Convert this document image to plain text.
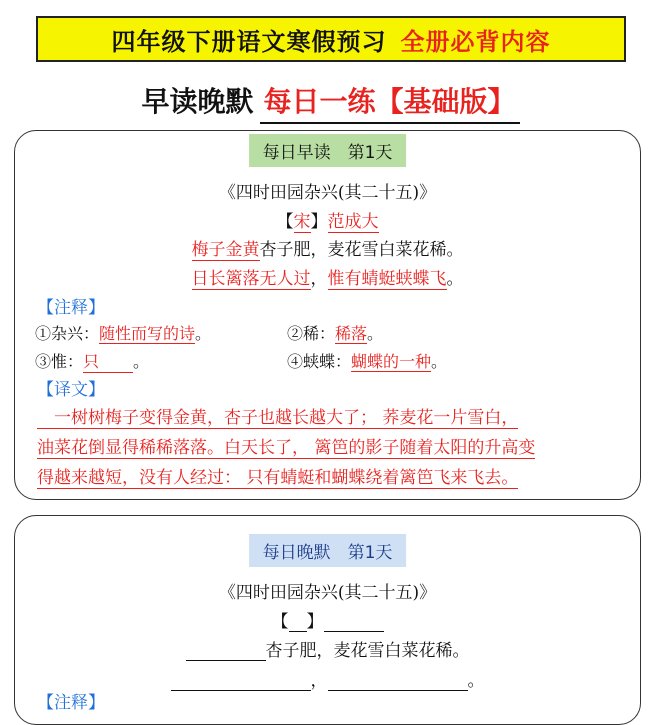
四年级下册语文寒假预习 全册必背内容
早读晚默 每日一练【基础版】
每日早读　第1天
《四时田园杂兴(其二十五)》
【宋】范成大
梅子金黄杏子肥，麦花雪白菜花稀。
日长篱落无人过，惟有蜻蜓蛱蝶飞。
【注释】
①杂兴：随性而写的诗。	②稀：稀落。
③惟：只 。	④蛱蝶：蝴蝶的一种。
【译文】
　一树树梅子变得金黄，杏子也越长越大了； 荞麦花一片雪白，
油菜花倒显得稀稀落落。白天长了， 篱笆的影子随着太阳的升高变
得越来越短，没有人经过： 只有蜻蜓和蝴蝶绕着篱笆飞来飞去。
每日晚默　第1天
《四时田园杂兴(其二十五)》
【 】
杏子肥，麦花雪白菜花稀。
，	。
【注释】
